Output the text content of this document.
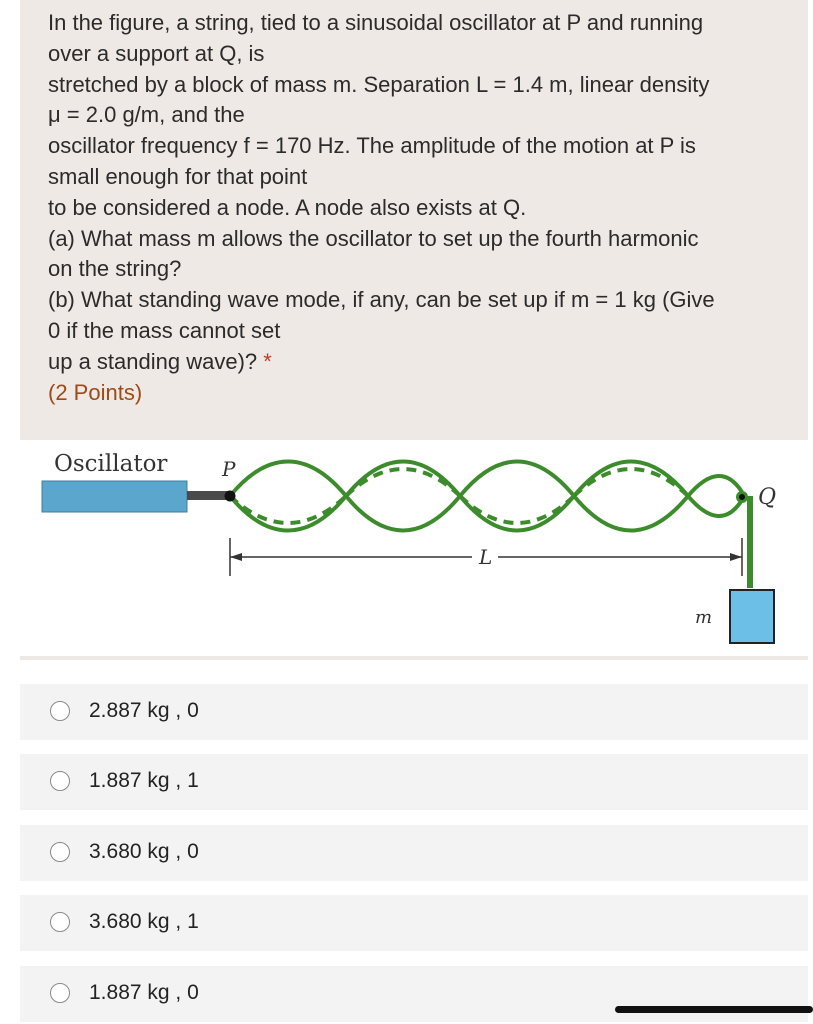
In the figure, a string, tied to a sinusoidal oscillator at P and running
over a support at Q, is
stretched by a block of mass m. Separation L = 1.4 m, linear density
μ = 2.0 g/m, and the
oscillator frequency f = 170 Hz. The amplitude of the motion at P is
small enough for that point
to be considered a node. A node also exists at Q.
(a) What mass m allows the oscillator to set up the fourth harmonic
on the string?
(b) What standing wave mode, if any, can be set up if m = 1 kg (Give
0 if the mass cannot set
up a standing wave)? *
(2 Points)
Oscillator	P
Q
m
L
2.887 kg , 0
1.887 kg , 1
3.680 kg , 0
3.680 kg , 1
1.887 kg , 0
